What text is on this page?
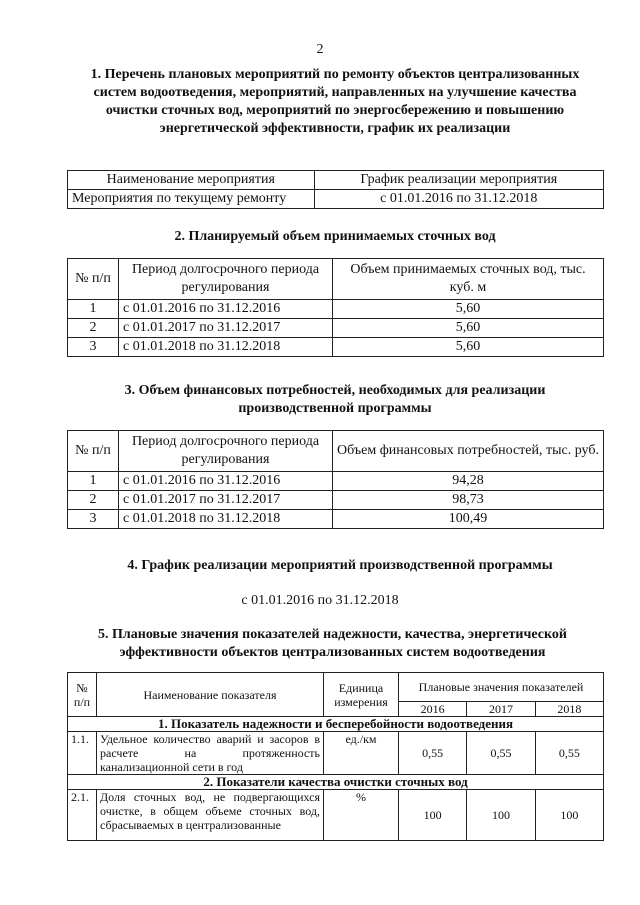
2
1. Перечень плановых мероприятий по ремонту объектов централизованных систем водоотведения, мероприятий, направленных на улучшение качества очистки сточных вод, мероприятий по энергосбережению и повышению энергетической эффективности, график их реализации
Наименование мероприятия	График реализации мероприятия
Мероприятия по текущему ремонту	с 01.01.2016 по 31.12.2018
2. Планируемый объем принимаемых сточных вод
№ п/п	Период долгосрочного периода регулирования	Объем принимаемых сточных вод, тыс. куб. м
1	с 01.01.2016 по 31.12.2016	5,60
2	с 01.01.2017 по 31.12.2017	5,60
3	с 01.01.2018 по 31.12.2018	5,60
3. Объем финансовых потребностей, необходимых для реализации производственной программы
№ п/п	Период долгосрочного периода регулирования	Объем финансовых потребностей, тыс. руб.
1	с 01.01.2016 по 31.12.2016	94,28
2	с 01.01.2017 по 31.12.2017	98,73
3	с 01.01.2018 по 31.12.2018	100,49
4. График реализации мероприятий производственной программы
с 01.01.2016 по 31.12.2018
5. Плановые значения показателей надежности, качества, энергетической эффективности объектов централизованных систем водоотведения
№ п/п	Наименование показателя	Единица измерения	Плановые значения показателей		
			2016	2017	2018
1. Показатель надежности и бесперебойности водоотведения					
1.1.	Удельное количество аварий и засоров в расчете на протяженность канализационной сети в год	ед./км	0,55	0,55	0,55
2. Показатели качества очистки сточных вод					
2.1.	Доля сточных вод, не подвергающихся очистке, в общем объеме сточных вод, сбрасываемых в централизованные	%	100	100	100
